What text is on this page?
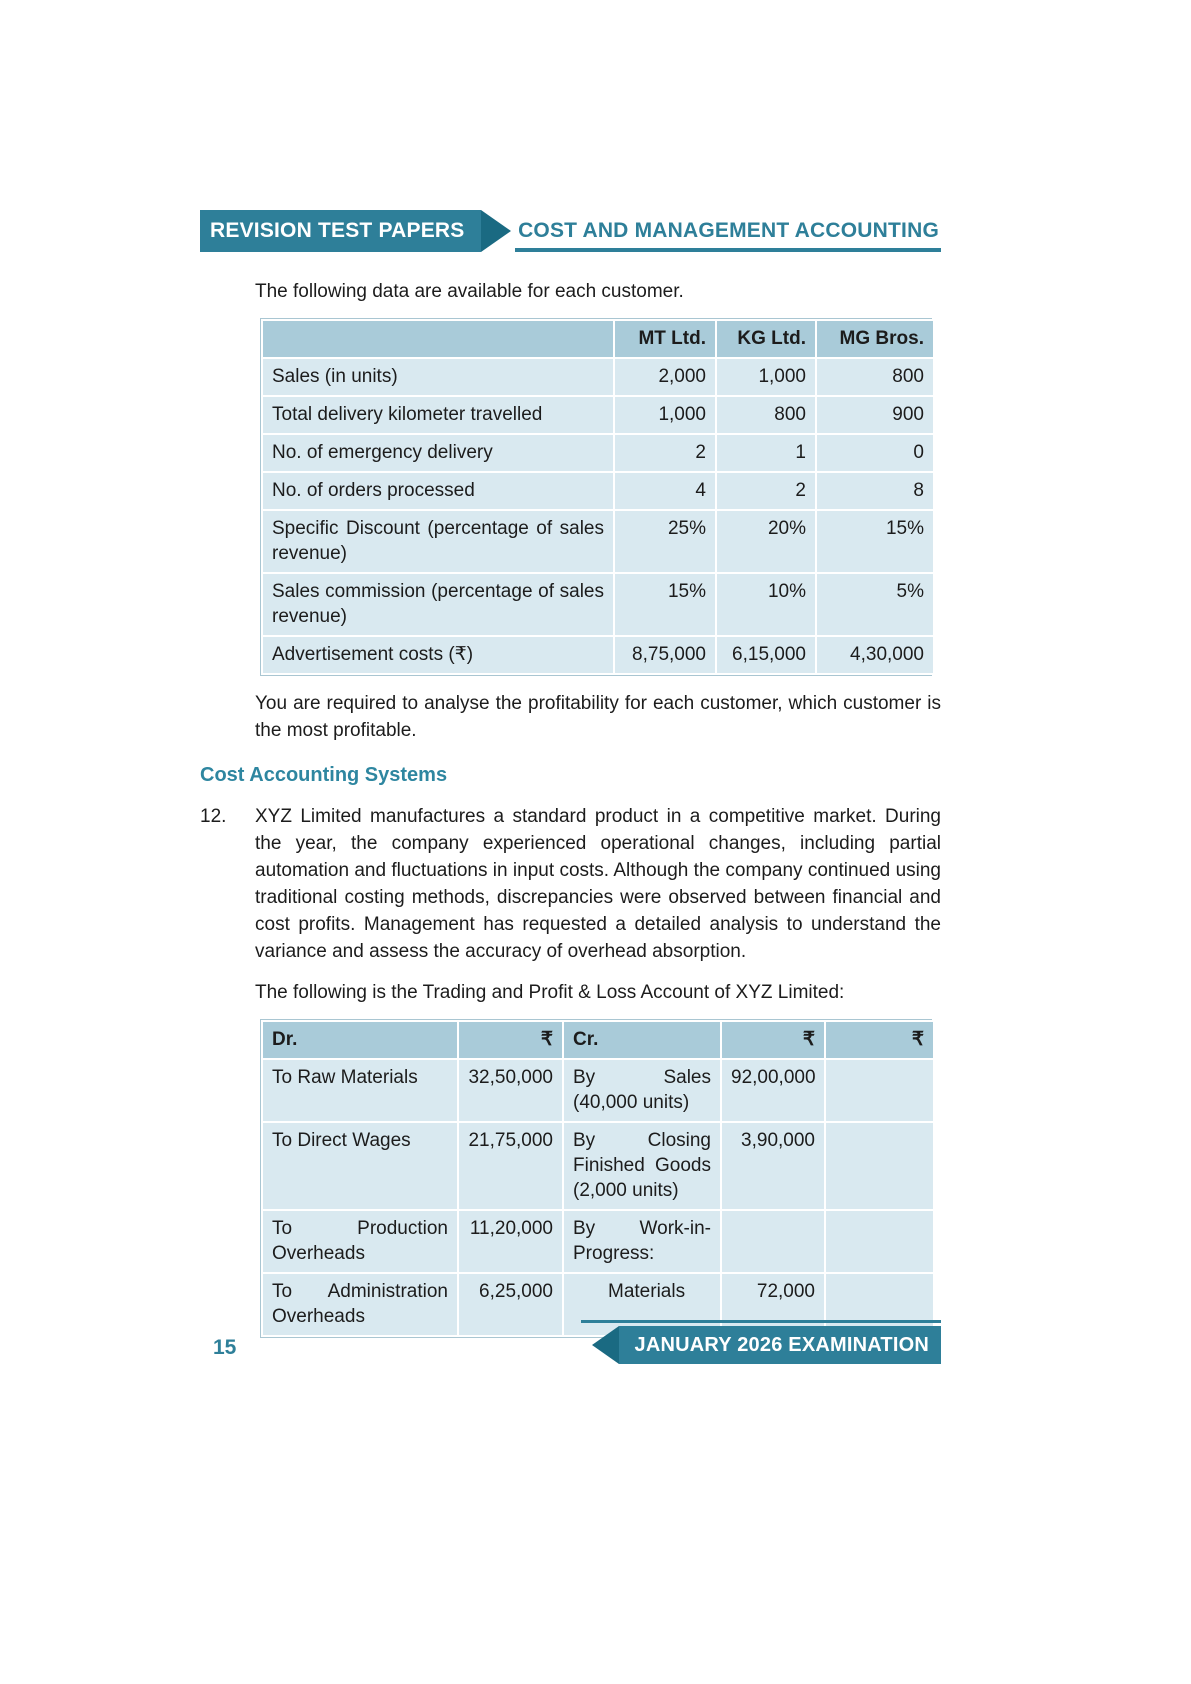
REVISION TEST PAPERS	COST AND MANAGEMENT ACCOUNTING

The following data are available for each customer.

	MT Ltd.	KG Ltd.	MG Bros.
Sales (in units)	2,000	1,000	800
Total delivery kilometer travelled	1,000	800	900
No. of emergency delivery	2	1	0
No. of orders processed	4	2	8
Specific Discount (percentage of sales revenue)	25%	20%	15%
Sales commission (percentage of sales revenue)	15%	10%	5%
Advertisement costs (₹)	8,75,000	6,15,000	4,30,000

You are required to analyse the profitability for each customer, which customer is the most profitable.

Cost Accounting Systems
12. XYZ Limited manufactures a standard product in a competitive market. During the year, the company experienced operational changes, including partial automation and fluctuations in input costs. Although the company continued using traditional costing methods, discrepancies were observed between financial and cost profits. Management has requested a detailed analysis to understand the variance and assess the accuracy of overhead absorption.

The following is the Trading and Profit & Loss Account of XYZ Limited:

Dr.	₹	Cr.	₹	₹
To Raw Materials	32,50,000	By Sales (40,000 units)	92,00,000	
To Direct Wages	21,75,000	By Closing Finished Goods (2,000 units)	3,90,000	
To Production Overheads	11,20,000	By Work-in-Progress:		
To Administration Overheads	6,25,000	Materials	72,000	
JANUARY 2026 EXAMINATION
15
